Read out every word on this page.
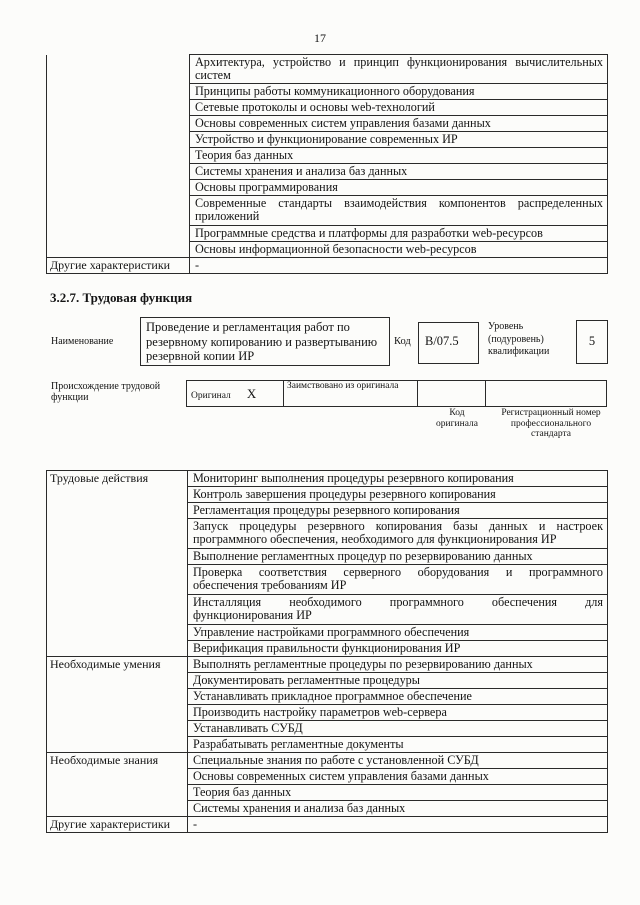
17
	Архитектура, устройство и принцип функционирования вычислительных систем
	Принципы работы коммуникационного оборудования
	Сетевые протоколы и основы web-технологий
	Основы современных систем управления базами данных
	Устройство и функционирование современных ИР
	Теория баз данных
	Системы хранения и анализа баз данных
	Основы программирования
	Современные стандарты взаимодействия компонентов распределенных приложений
	Программные средства и платформы для разработки web-ресурсов
	Основы информационной безопасности web-ресурсов
Другие характеристики	-
3.2.7. Трудовая функция
Наименование
Проведение и регламентация работ по резервному копированию и развертыванию резервной копии ИР
Код	В/07.5
Уровень (подуровень) квалификации
5
Происхождение трудовой функции	Оригинал X	Заимствовано из оригинала		
Код оригинала
Регистрационный номер профессионального стандарта
Трудовые действия	Мониторинг выполнения процедуры резервного копирования
	Контроль завершения процедуры резервного копирования
	Регламентация процедуры резервного копирования
	Запуск процедуры резервного копирования базы данных и настроек программного обеспечения, необходимого для функционирования ИР
	Выполнение регламентных процедур по резервированию данных
	Проверка соответствия серверного оборудования и программного обеспечения требованиям ИР
	Инсталляция необходимого программного обеспечения для функционирования ИР
	Управление настройками программного обеспечения
	Верификация правильности функционирования ИР
Необходимые умения	Выполнять регламентные процедуры по резервированию данных
	Документировать регламентные процедуры
	Устанавливать прикладное программное обеспечение
	Производить настройку параметров web-сервера
	Устанавливать СУБД
	Разрабатывать регламентные документы
Необходимые знания	Специальные знания по работе с установленной СУБД
	Основы современных систем управления базами данных
	Теория баз данных
	Системы хранения и анализа баз данных
Другие характеристики	-
